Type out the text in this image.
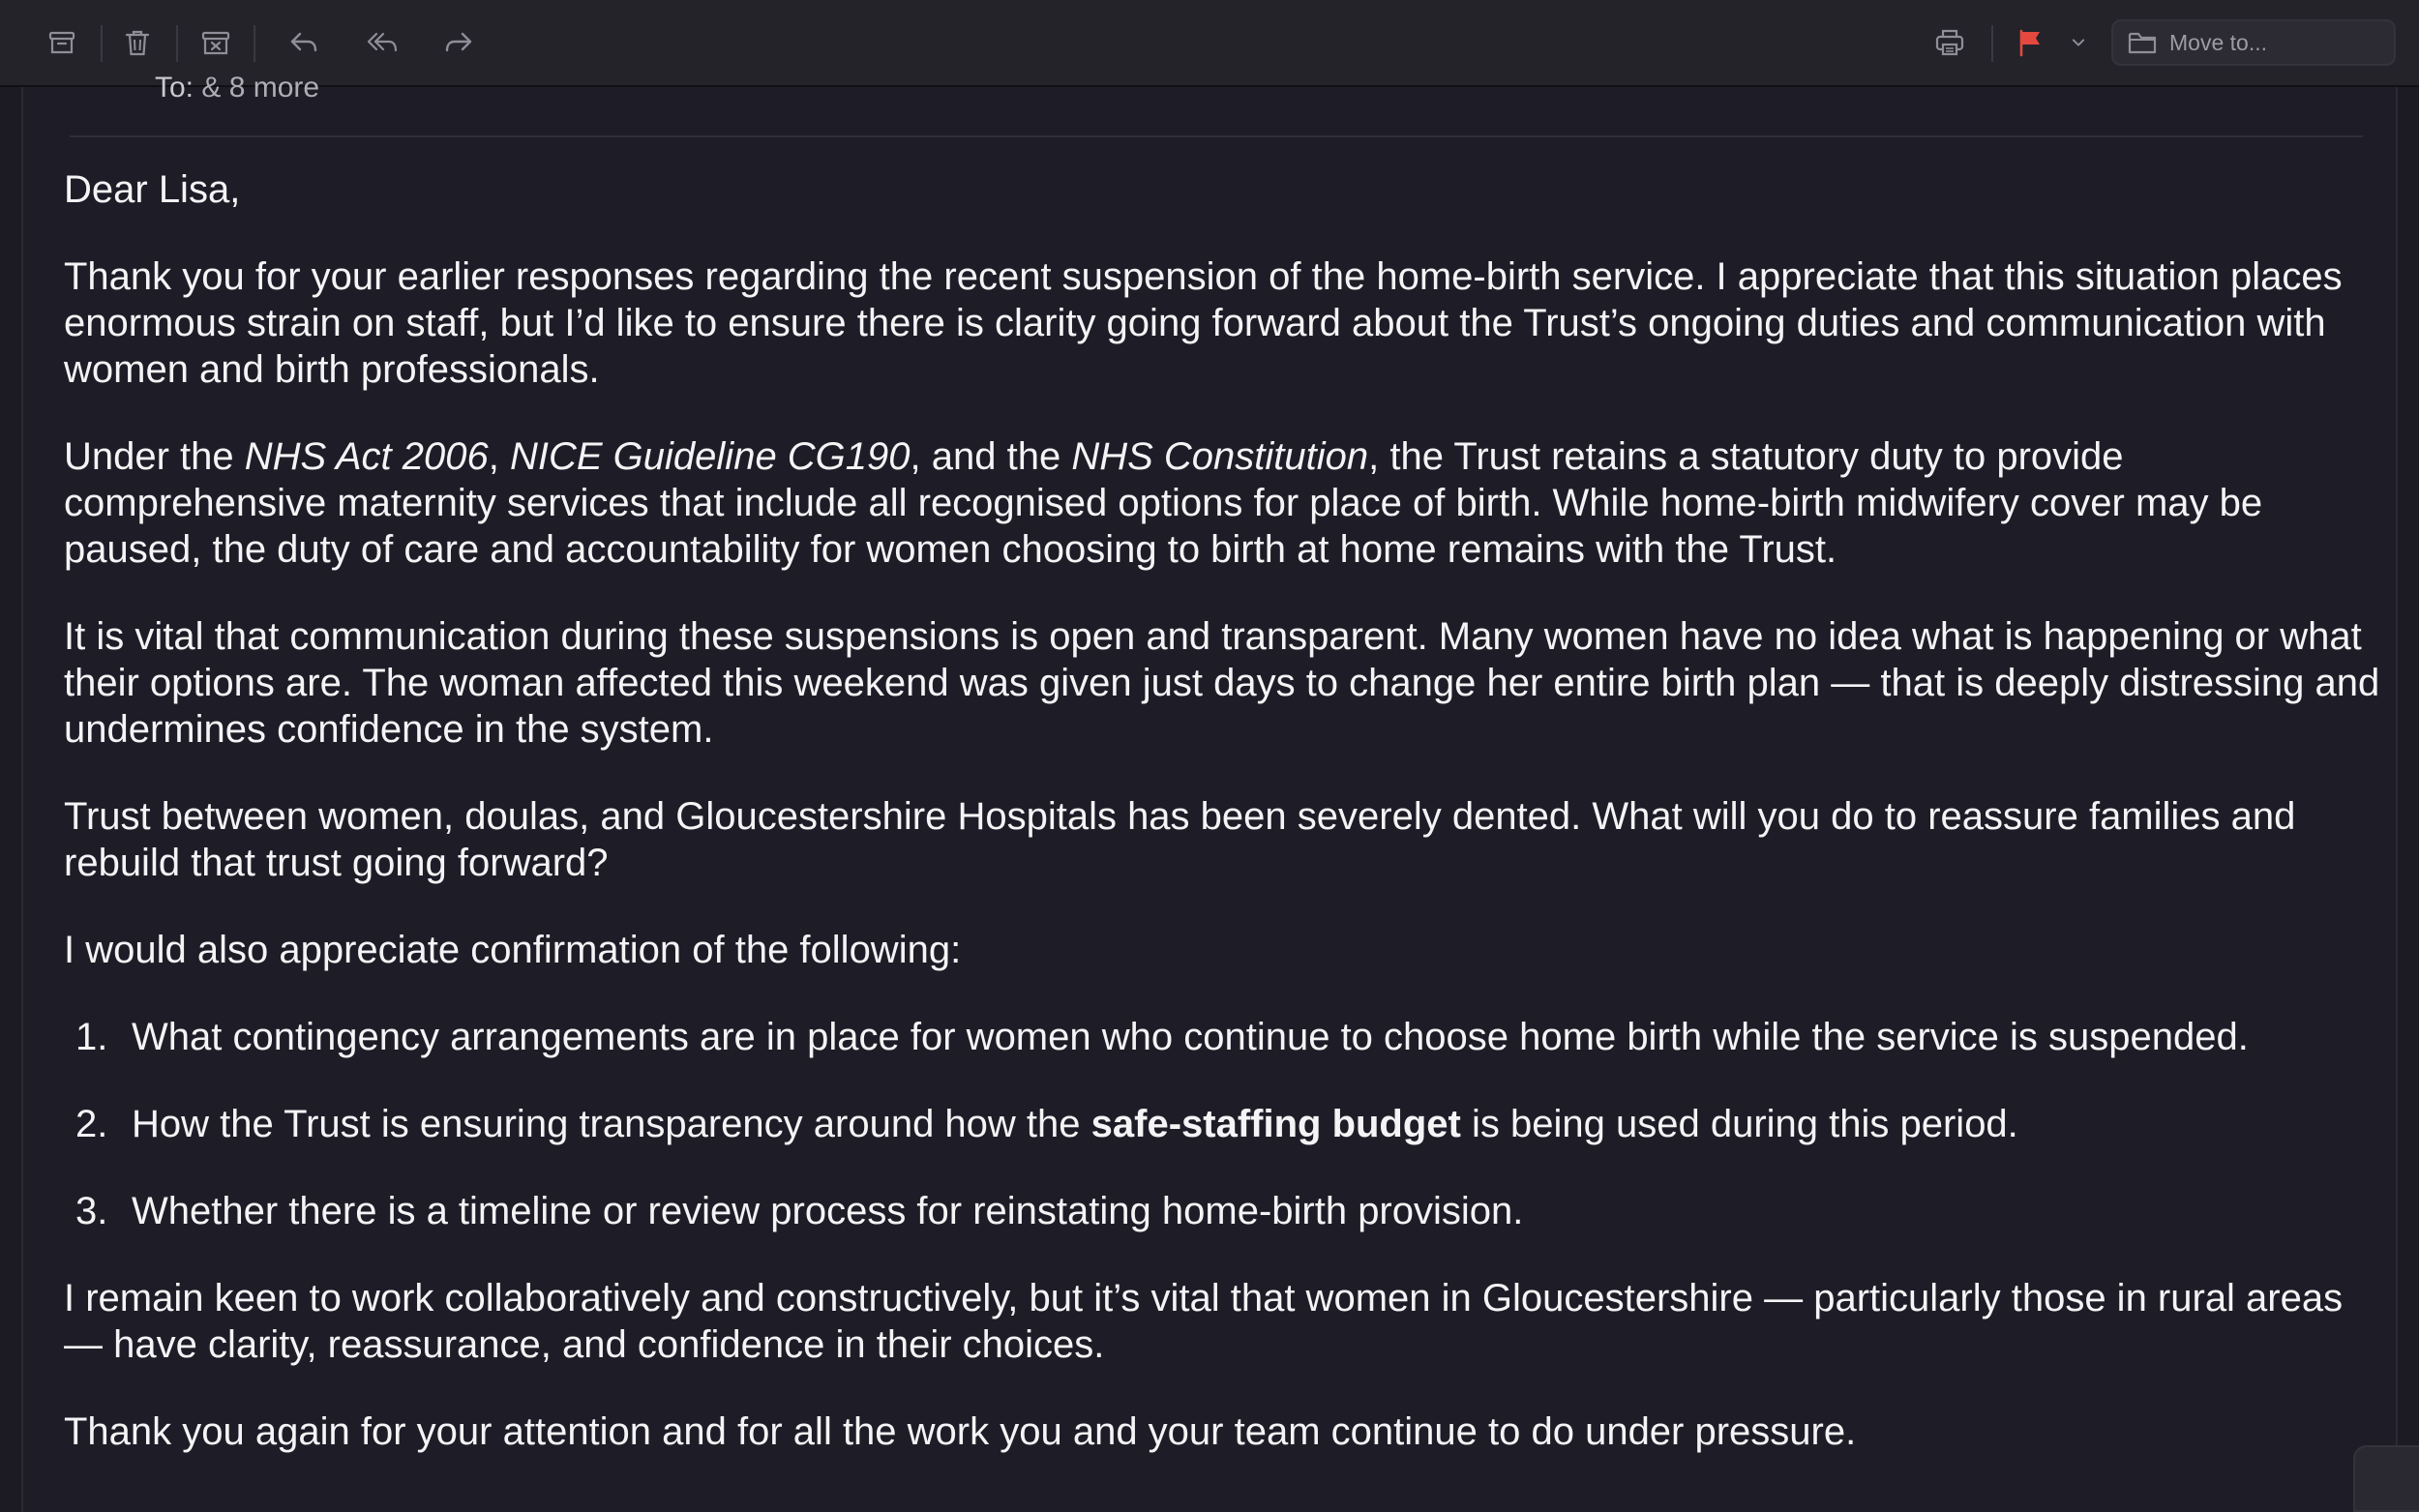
Move to...
To: & 8 more

Dear Lisa,

Thank you for your earlier responses regarding the recent suspension of the home-birth service. I appreciate that this situation places enormous strain on staff, but I’d like to ensure there is clarity going forward about the Trust’s ongoing duties and communication with women and birth professionals.

Under the NHS Act 2006, NICE Guideline CG190, and the NHS Constitution, the Trust retains a statutory duty to provide comprehensive maternity services that include all recognised options for place of birth. While home-birth midwifery cover may be paused, the duty of care and accountability for women choosing to birth at home remains with the Trust.

It is vital that communication during these suspensions is open and transparent. Many women have no idea what is happening or what their options are. The woman affected this weekend was given just days to change her entire birth plan — that is deeply distressing and undermines confidence in the system.

Trust between women, doulas, and Gloucestershire Hospitals has been severely dented. What will you do to reassure families and rebuild that trust going forward?

I would also appreciate confirmation of the following:

1. What contingency arrangements are in place for women who continue to choose home birth while the service is suspended.
2. How the Trust is ensuring transparency around how the safe-staffing budget is being used during this period.
3. Whether there is a timeline or review process for reinstating home-birth provision.

I remain keen to work collaboratively and constructively, but it’s vital that women in Gloucestershire — particularly those in rural areas — have clarity, reassurance, and confidence in their choices.

Thank you again for your attention and for all the work you and your team continue to do under pressure.
